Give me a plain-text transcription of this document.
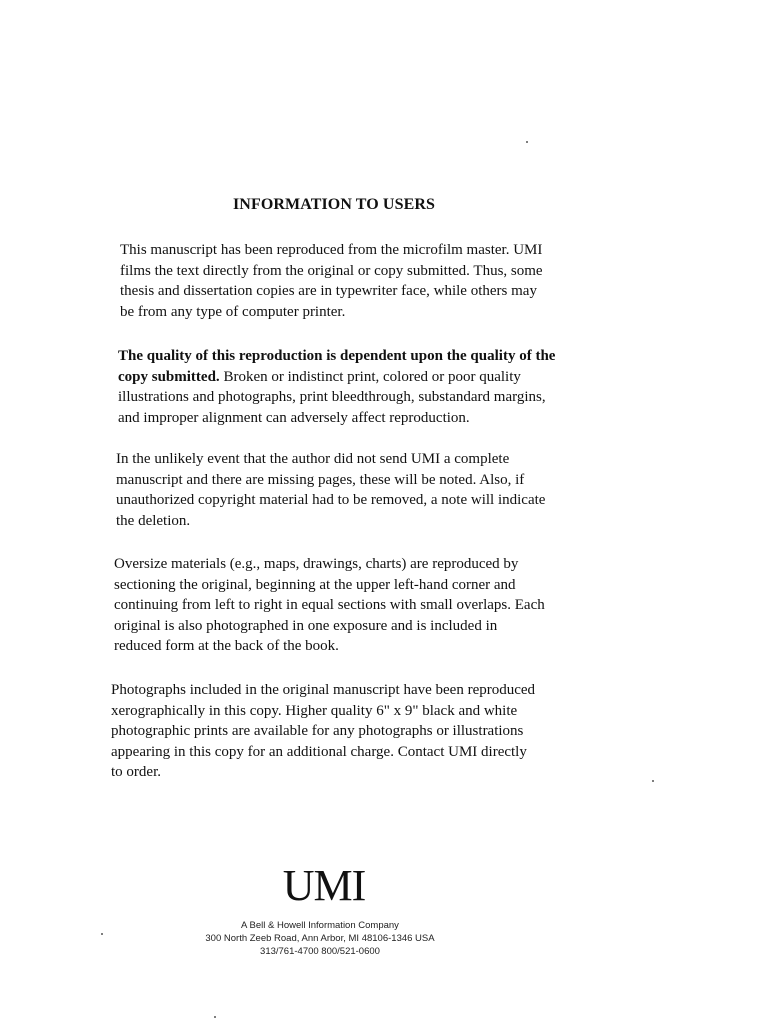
INFORMATION TO USERS

This manuscript has been reproduced from the microfilm master. UMI
films the text directly from the original or copy submitted. Thus, some
thesis and dissertation copies are in typewriter face, while others may
be from any type of computer printer.

The quality of this reproduction is dependent upon the quality of the
copy submitted. Broken or indistinct print, colored or poor quality
illustrations and photographs, print bleedthrough, substandard margins,
and improper alignment can adversely affect reproduction.

In the unlikely event that the author did not send UMI a complete
manuscript and there are missing pages, these will be noted. Also, if
unauthorized copyright material had to be removed, a note will indicate
the deletion.

Oversize materials (e.g., maps, drawings, charts) are reproduced by
sectioning the original, beginning at the upper left-hand corner and
continuing from left to right in equal sections with small overlaps. Each
original is also photographed in one exposure and is included in
reduced form at the back of the book.

Photographs included in the original manuscript have been reproduced
xerographically in this copy. Higher quality 6" x 9" black and white
photographic prints are available for any photographs or illustrations
appearing in this copy for an additional charge. Contact UMI directly
to order.

UMI
A Bell & Howell Information Company
300 North Zeeb Road, Ann Arbor, MI 48106-1346 USA
313/761-4700 800/521-0600
